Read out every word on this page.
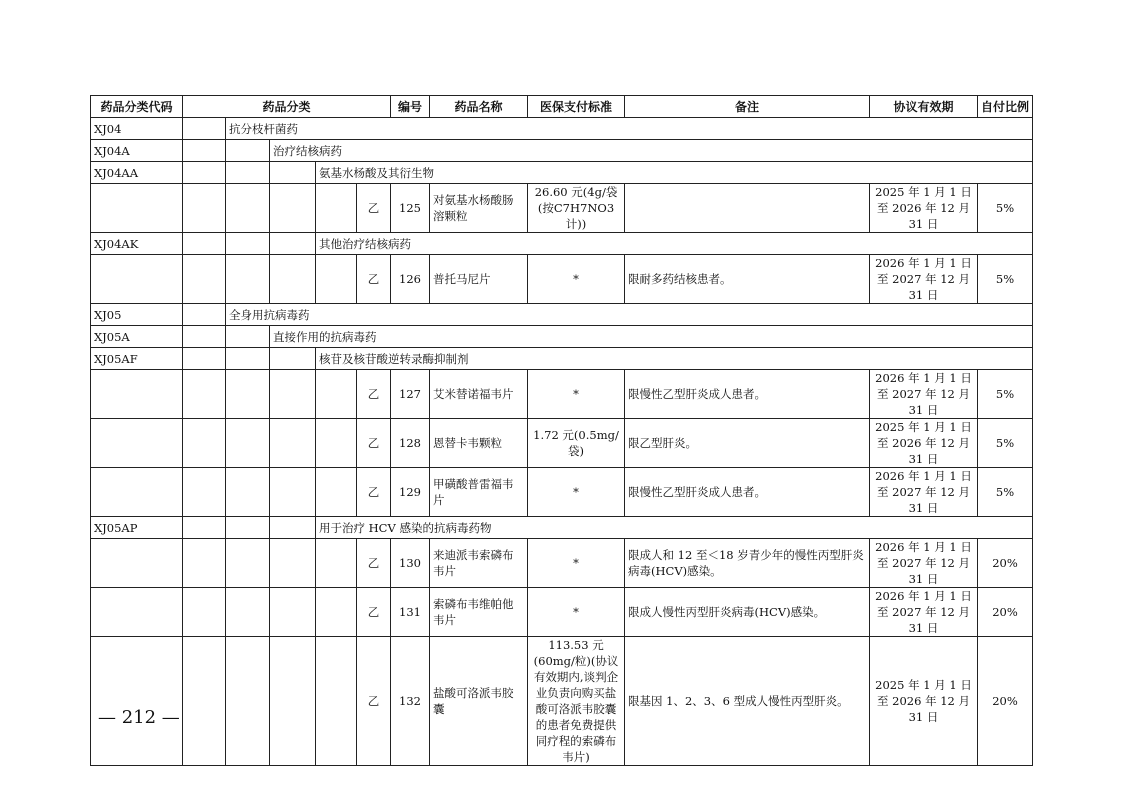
药品分类代码	药品分类					编号	药品名称	医保支付标准	备注	协议有效期	自付比例
XJ04		抗分枝杆菌药									
XJ04A			治疗结核病药								
XJ04AA				氨基水杨酸及其衍生物							
					乙	125	对氨基水杨酸肠溶颗粒	26.60 元(4g/袋(按C7H7NO3 计))		2025 年 1 月 1 日至 2026 年 12 月 31 日	5%
XJ04AK				其他治疗结核病药							
					乙	126	普托马尼片	*	限耐多药结核患者。	2026 年 1 月 1 日至 2027 年 12 月 31 日	5%
XJ05		全身用抗病毒药									
XJ05A			直接作用的抗病毒药								
XJ05AF				核苷及核苷酸逆转录酶抑制剂							
					乙	127	艾米替诺福韦片	*	限慢性乙型肝炎成人患者。	2026 年 1 月 1 日至 2027 年 12 月 31 日	5%
					乙	128	恩替卡韦颗粒	1.72 元(0.5mg/袋)	限乙型肝炎。	2025 年 1 月 1 日至 2026 年 12 月 31 日	5%
					乙	129	甲磺酸普雷福韦片	*	限慢性乙型肝炎成人患者。	2026 年 1 月 1 日至 2027 年 12 月 31 日	5%
XJ05AP				用于治疗 HCV 感染的抗病毒药物							
					乙	130	来迪派韦索磷布韦片	*	限成人和 12 至＜18 岁青少年的慢性丙型肝炎病毒(HCV)感染。	2026 年 1 月 1 日至 2027 年 12 月 31 日	20%
					乙	131	索磷布韦维帕他韦片	*	限成人慢性丙型肝炎病毒(HCV)感染。	2026 年 1 月 1 日至 2027 年 12 月 31 日	20%
					乙	132	盐酸可洛派韦胶囊	113.53 元(60mg/粒)(协议有效期内,谈判企业负责向购买盐酸可洛派韦胶囊的患者免费提供同疗程的索磷布韦片)	限基因 1、2、3、6 型成人慢性丙型肝炎。	2025 年 1 月 1 日至 2026 年 12 月 31 日	20%
— 212 —
